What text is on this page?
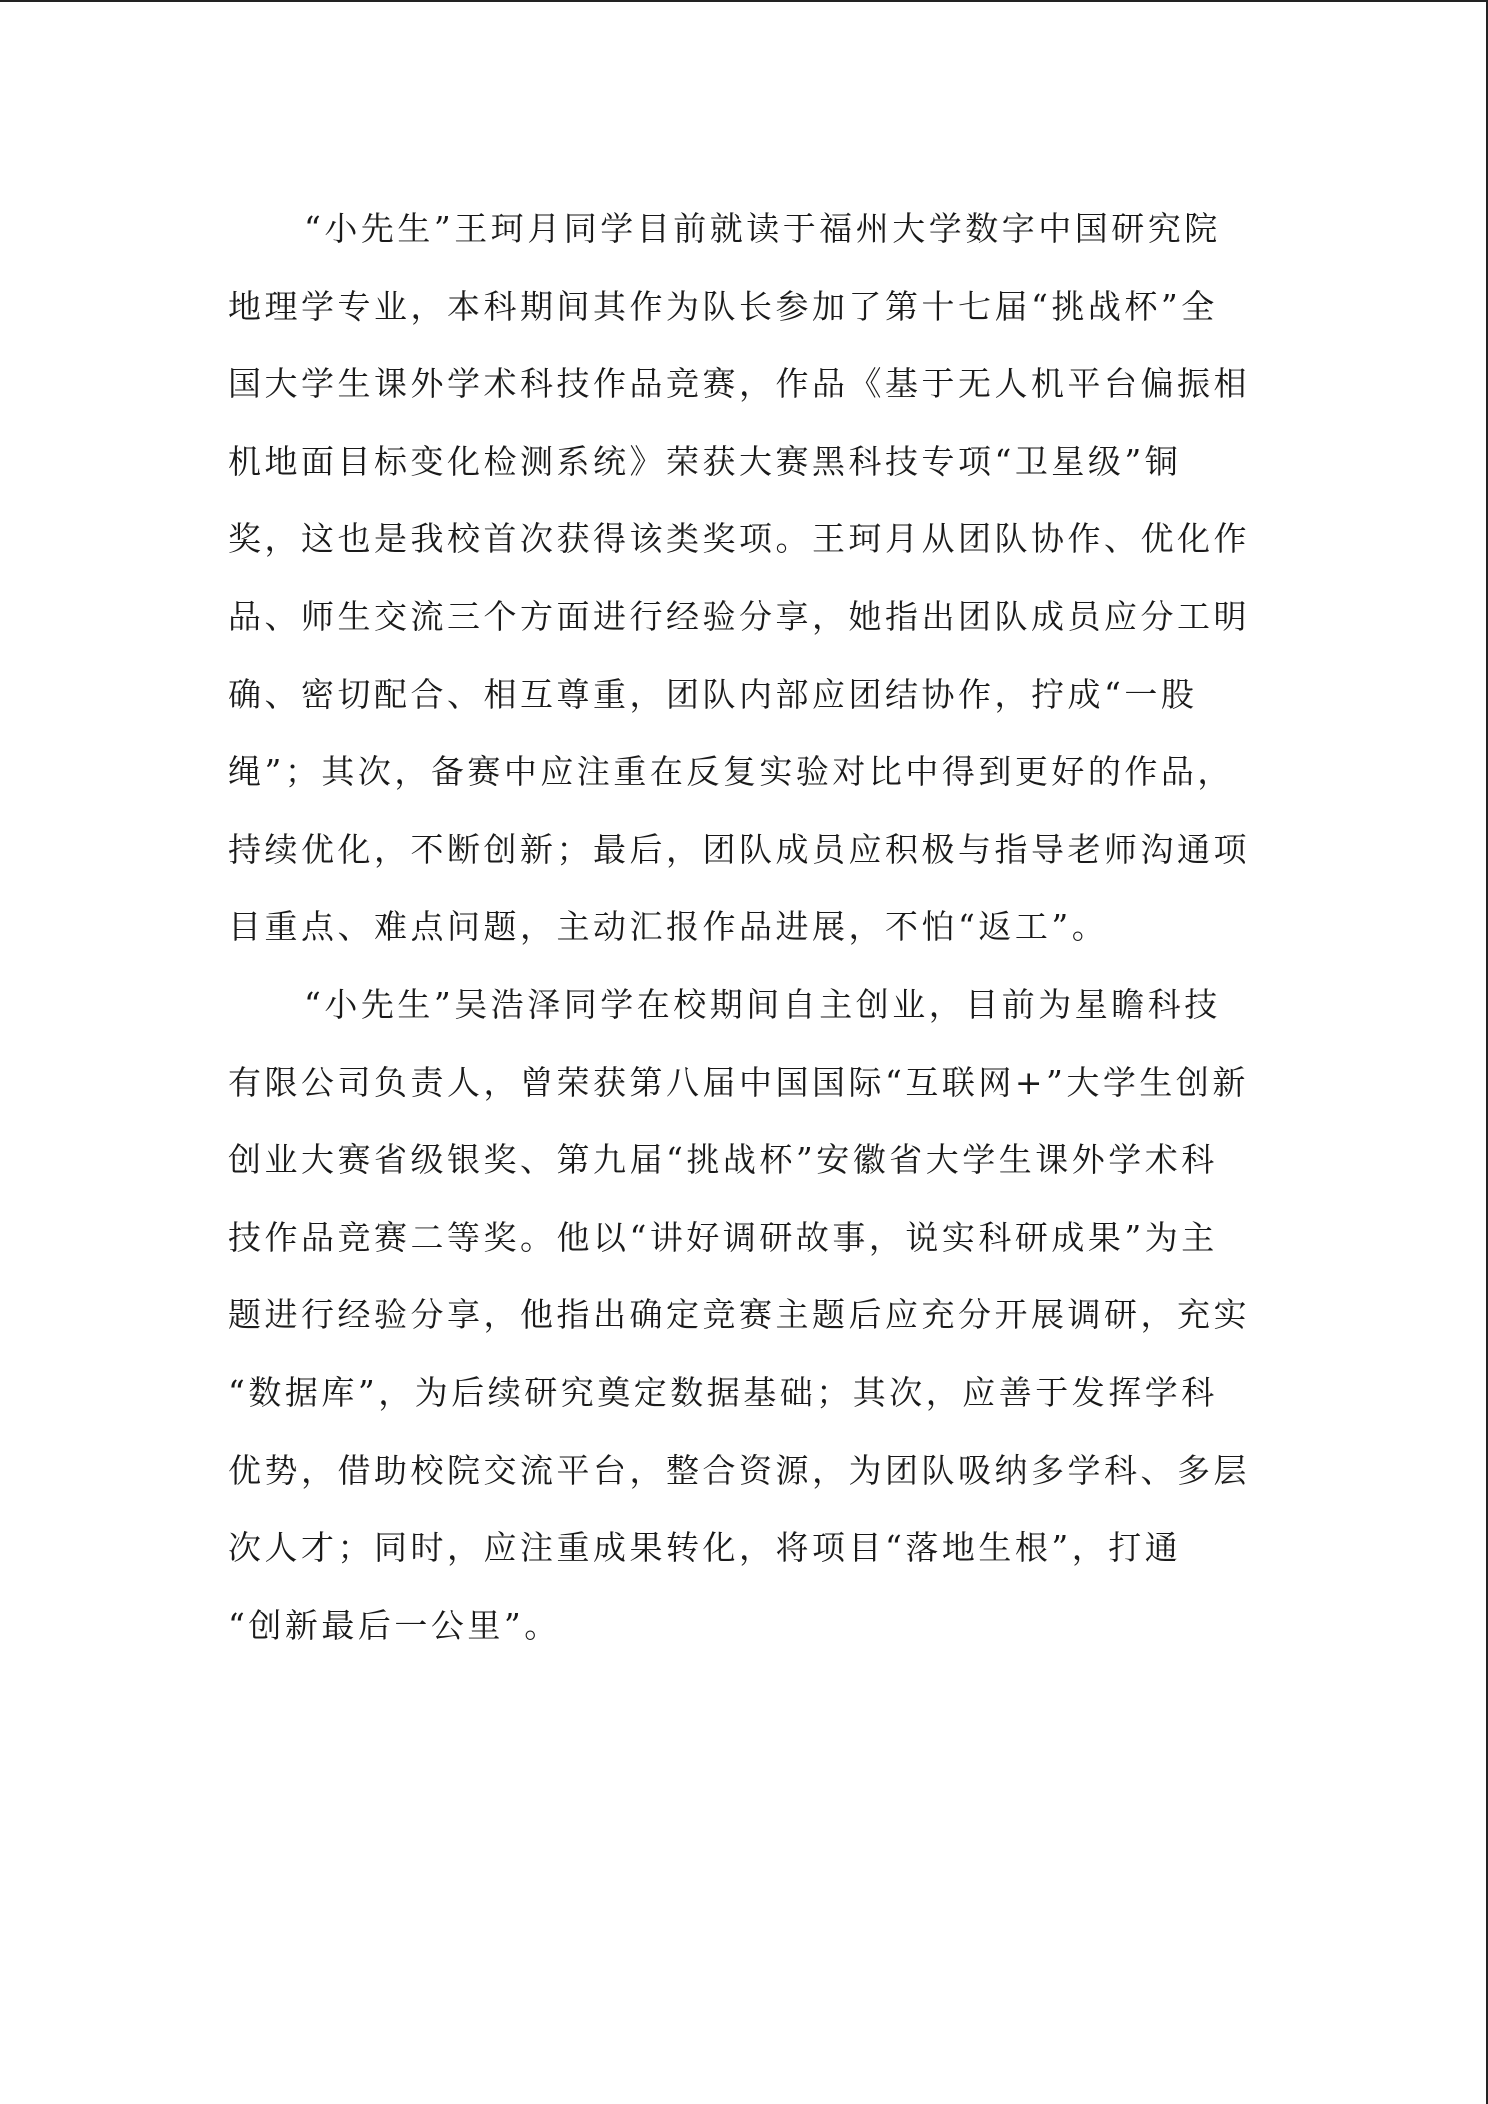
“小先生”王珂月同学目前就读于福州大学数字中国研究院
地理学专业，本科期间其作为队长参加了第十七届“挑战杯”全
国大学生课外学术科技作品竞赛，作品《基于无人机平台偏振相
机地面目标变化检测系统》荣获大赛黑科技专项“卫星级”铜
奖，这也是我校首次获得该类奖项。王珂月从团队协作、优化作
品、师生交流三个方面进行经验分享，她指出团队成员应分工明
确、密切配合、相互尊重，团队内部应团结协作，拧成“一股
绳”；其次，备赛中应注重在反复实验对比中得到更好的作品，
持续优化，不断创新；最后，团队成员应积极与指导老师沟通项
目重点、难点问题，主动汇报作品进展，不怕“返工”。
“小先生”吴浩泽同学在校期间自主创业，目前为星瞻科技
有限公司负责人，曾荣获第八届中国国际“互联网+”大学生创新
创业大赛省级银奖、第九届“挑战杯”安徽省大学生课外学术科
技作品竞赛二等奖。他以“讲好调研故事，说实科研成果”为主
题进行经验分享，他指出确定竞赛主题后应充分开展调研，充实
“数据库”，为后续研究奠定数据基础；其次，应善于发挥学科
优势，借助校院交流平台，整合资源，为团队吸纳多学科、多层
次人才；同时，应注重成果转化，将项目“落地生根”，打通
“创新最后一公里”。
